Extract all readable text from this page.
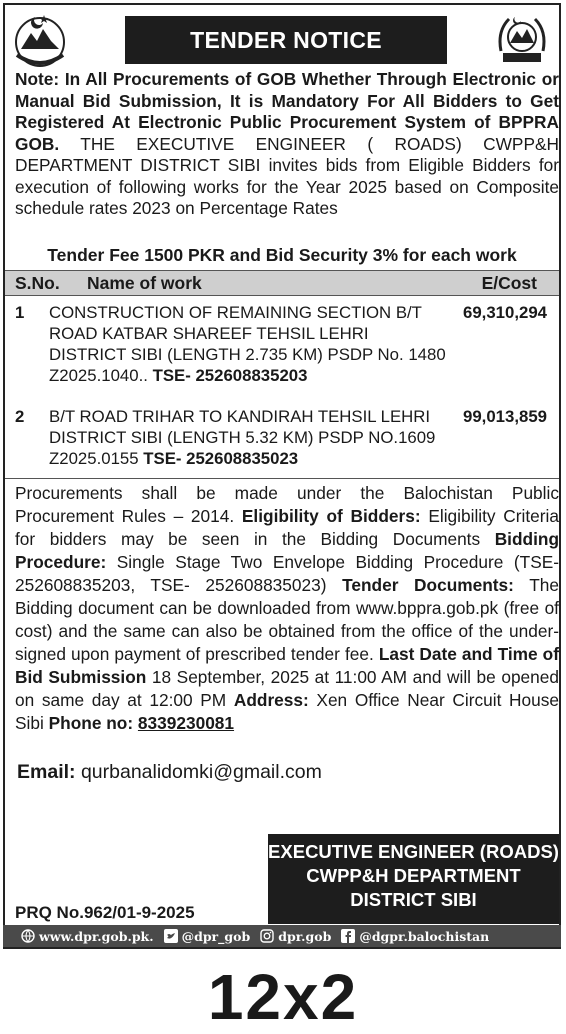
TENDER NOTICE
Note: In All Procurements of GOB Whether Through Electronic or Manual Bid Submission, It is Mandatory For All Bidders to Get Registered At Electronic Public Procurement System of BPPRA GOB. THE EXECUTIVE ENGINEER ( ROADS) CWPP&H DEPARTMENT DISTRICT SIBI invites bids from Eligible Bidders for execution of following works for the Year 2025 based on Composite schedule rates 2023 on Percentage Rates
Tender Fee 1500 PKR and Bid Security 3% for each work
S.No. Name of work	E/Cost
1 CONSTRUCTION OF REMAINING SECTION B/T ROAD KATBAR SHAREEF TEHSIL LEHRI DISTRICT SIBI (LENGTH 2.735 KM) PSDP No. 1480 Z2025.1040.. TSE- 252608835203
69,310,294
2 B/T ROAD TRIHAR TO KANDIRAH TEHSIL LEHRI DISTRICT SIBI (LENGTH 5.32 KM) PSDP NO.1609 Z2025.0155 TSE- 252608835023
99,013,859
Procurements shall be made under the Balochistan Public Procurement Rules – 2014. Eligibility of Bidders: Eligibility Criteria for bidders may be seen in the Bidding Documents Bidding Procedure: Single Stage Two Envelope Bidding Procedure (TSE-252608835203, TSE- 252608835023) Tender Documents: The Bidding document can be downloaded from www.bppra.gob.pk (free of cost) and the same can also be obtained from the office of the under-signed upon payment of prescribed tender fee. Last Date and Time of Bid Submission 18 September, 2025 at 11:00 AM and will be opened on same day at 12:00 PM Address: Xen Office Near Circuit House Sibi Phone no: 8339230081
Email: qurbanalidomki@gmail.com
EXECUTIVE ENGINEER (ROADS)
CWPP&H DEPARTMENT
DISTRICT SIBI
PRQ No.962/01-9-2025
www.dpr.gob.pk. @dpr_gob dpr.gob @dgpr.balochistan
12x2
